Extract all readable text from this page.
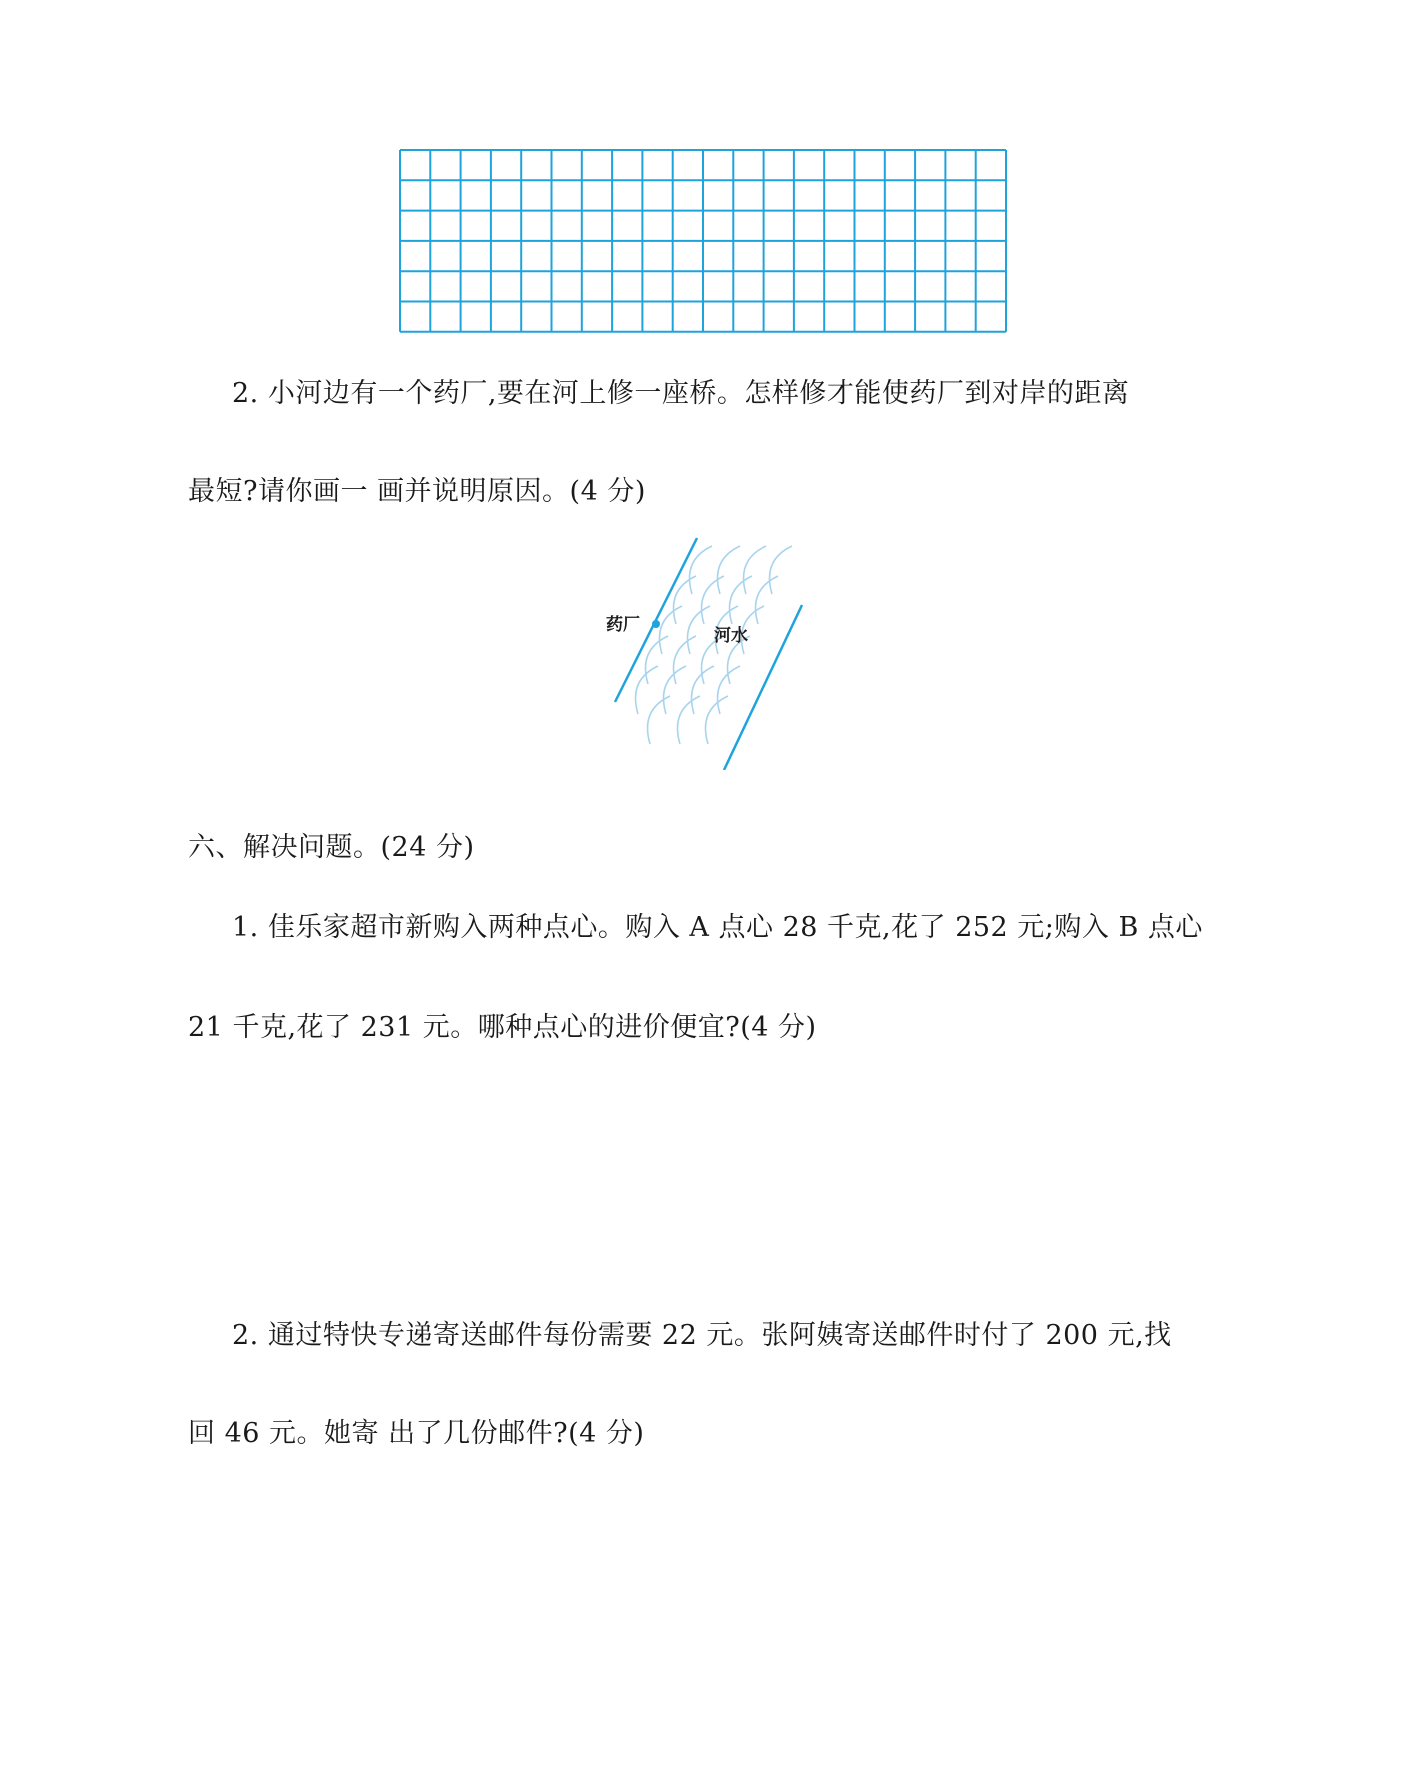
2. 小河边有一个药厂,要在河上修一座桥。怎样修才能使药厂到对岸的距离

最短?请你画一 画并说明原因。(4 分)

药厂
河水

六、解决问题。(24 分)

1. 佳乐家超市新购入两种点心。购入 A 点心 28 千克,花了 252 元;购入 B 点心

21 千克,花了 231 元。哪种点心的进价便宜?(4 分)

2. 通过特快专递寄送邮件每份需要 22 元。张阿姨寄送邮件时付了 200 元,找

回 46 元。她寄 出了几份邮件?(4 分)
